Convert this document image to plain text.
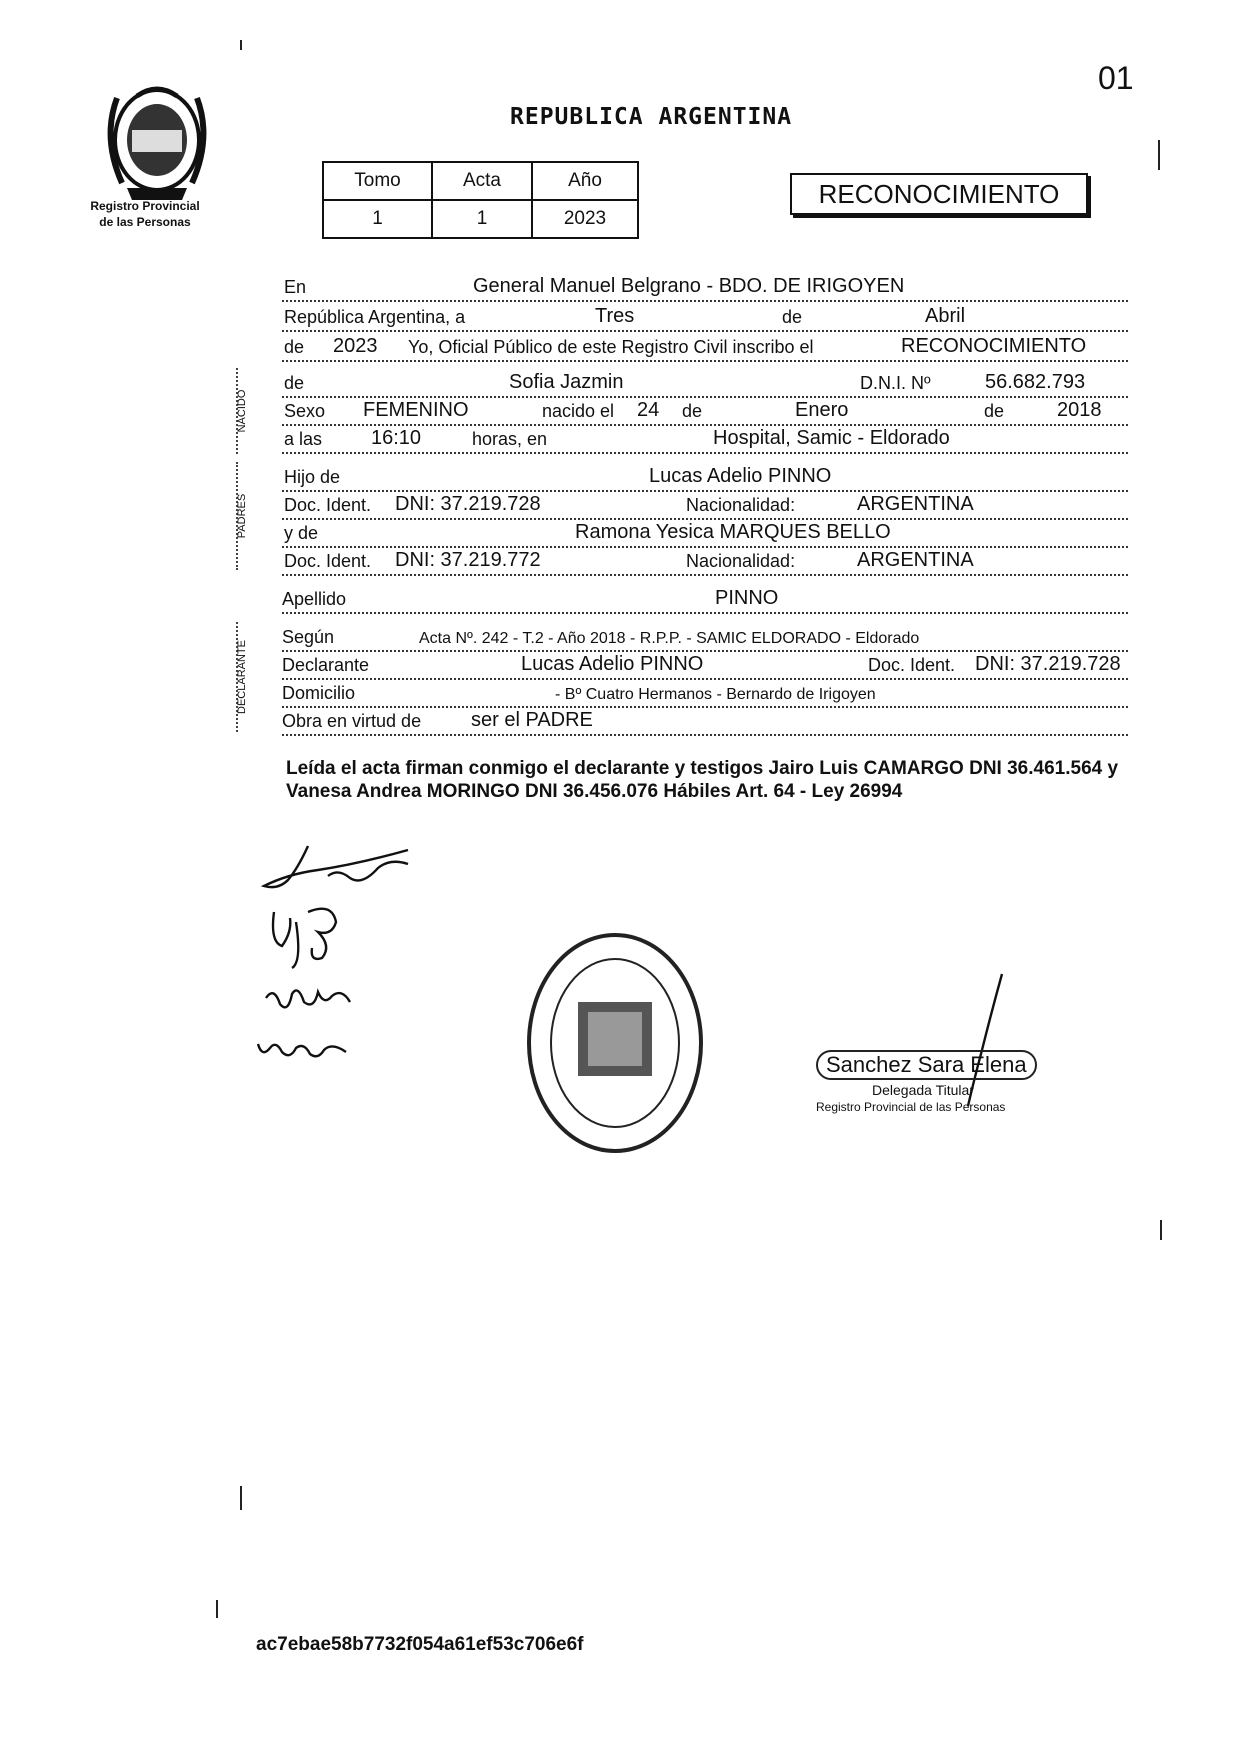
01
Registro Provincial
de las Personas
REPUBLICA ARGENTINA
Tomo	Acta	Año
1	1	2023
RECONOCIMIENTO
En	General Manuel Belgrano - BDO. DE IRIGOYEN
República Argentina, a	Tres	de	Abril
de 2023 Yo, Oficial Público de este Registro Civil inscribo el	RECONOCIMIENTO
NACIDO
de	Sofia Jazmin	D.N.I. Nº	56.682.793
Sexo FEMENINO	nacido el 24 de	Enero	de	2018
a las 16:10	horas, en	Hospital, Samic - Eldorado
PADRES
Hijo de	Lucas Adelio PINNO
Doc. Ident. DNI: 37.219.728	Nacionalidad:	ARGENTINA
y de	Ramona Yesica MARQUES BELLO
Doc. Ident. DNI: 37.219.772	Nacionalidad:	ARGENTINA
Apellido	PINNO
DECLARANTE
Según	Acta Nº. 242 - T.2 - Año 2018 - R.P.P. - SAMIC ELDORADO - Eldorado
Declarante	Lucas Adelio PINNO	Doc. Ident. DNI: 37.219.728
Domicilio	- Bº Cuatro Hermanos - Bernardo de Irigoyen
Obra en virtud de ser el PADRE
Leída el acta firman conmigo el declarante y testigos Jairo Luis CAMARGO DNI 36.461.564 y Vanesa Andrea MORINGO DNI 36.456.076 Hábiles Art. 64 - Ley 26994
Sanchez Sara Elena
Delegada Titular
Registro Provincial de las Personas
ac7ebae58b7732f054a61ef53c706e6f
